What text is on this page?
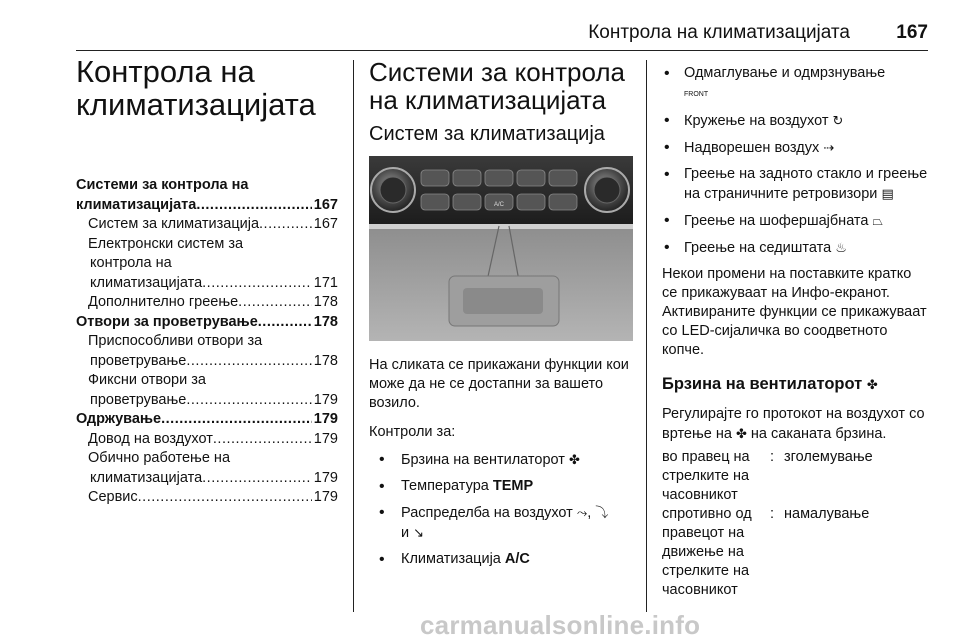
Контрола на климатизацијата	167
Контрола на
климатизацијата
Системи за контрола на
климатизацијата .....	167
Систем за климатизација .....	167
Електронски систем за
контрола на
климатизацијата .....	171
Дополнително греење .....	178
Отвори за проветрување .....	178
Приспособливи отвори за
проветрување .....	178
Фиксни отвори за
проветрување .....	179
Одржување .....	179
Довод на воздухот .....	179
Обично работење на
климатизацијата .....	179
Сервис .....	179
Системи за контрола
на климатизацијата
Систем за климатизација
A/C

На сликата се прикажани функции кои може да не се достапни за вашето возило.

Контроли за:

• Брзина на вентилаторот ✤
• Температура TEMP
• Распределба на воздухот ⤳, ⤵
и ↘
• Климатизација A/C
• Одмаглување и одмрзнување
FRONT
• Кружење на воздухот ↻
• Надворешен воздух ⇢
• Греење на задното стакло и греење на страничните ретровизори ▤
• Греење на шофершајбната ⏢
• Греење на седиштата ♨

Некои промени на поставките кратко се прикажуваат на Инфо-екранот. Активираните функции се прикажуваат со LED-сијаличка во соодветното копче.

Брзина на вентилаторот ✤

Регулирајте го протокот на воздухот со вртење на ✤ на саканата брзина.

во правец на стрелките на часовникот	:	зголемување
спротивно од правецот на движење на стрелките на часовникот	:	намалување
carmanualsonline.info
